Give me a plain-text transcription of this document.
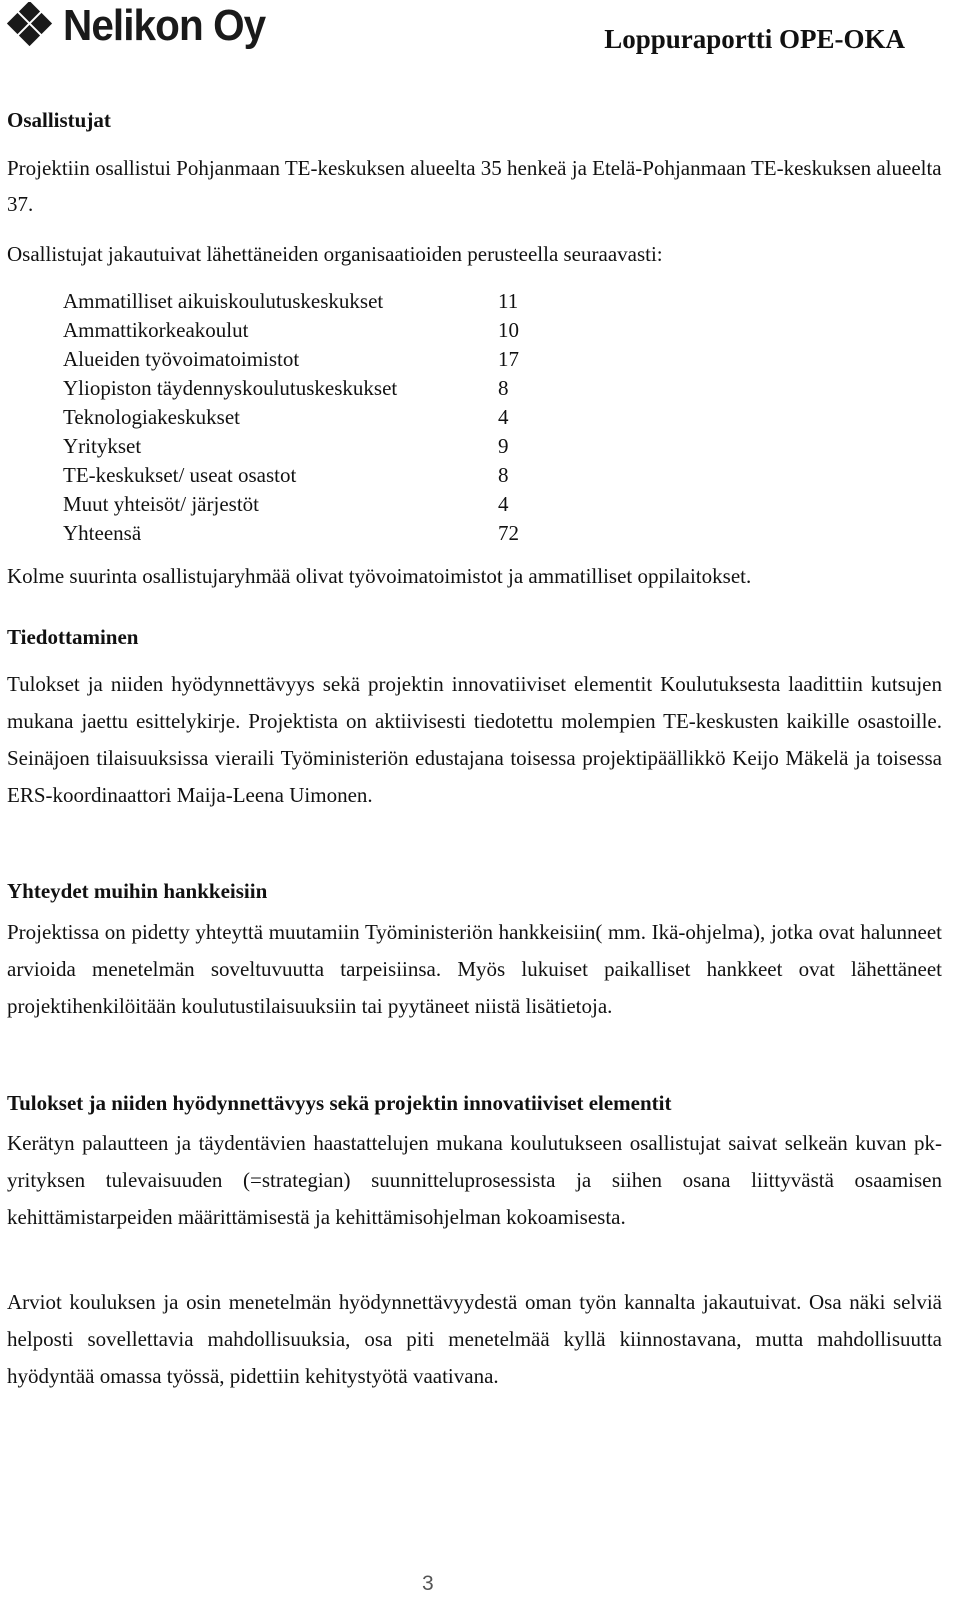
Nelikon Oy	Loppuraportti OPE-OKA
Osallistujat

Projektiin osallistui Pohjanmaan TE-keskuksen alueelta 35 henkeä ja Etelä-Pohjanmaan TE-keskuksen alueelta 37.

Osallistujat jakautuivat lähettäneiden organisaatioiden perusteella seuraavasti:

Ammatilliset aikuiskoulutuskeskukset	11
Ammattikorkeakoulut	10
Alueiden työvoimatoimistot	17
Yliopiston täydennyskoulutuskeskukset	8
Teknologiakeskukset	4
Yritykset	9
TE-keskukset/ useat osastot	8
Muut yhteisöt/ järjestöt	4
Yhteensä	72

Kolme suurinta osallistujaryhmää olivat työvoimatoimistot ja ammatilliset oppilaitokset.

Tiedottaminen

Tulokset ja niiden hyödynnettävyys sekä projektin innovatiiviset elementit Koulutuksesta laadittiin kutsujen mukana jaettu esittelykirje. Projektista on aktiivisesti tiedotettu molempien TE-keskusten kaikille osastoille. Seinäjoen tilaisuuksissa vieraili Työministeriön edustajana toisessa projektipäällikkö Keijo Mäkelä ja toisessa ERS-koordinaattori Maija-Leena Uimonen.

Yhteydet muihin hankkeisiin

Projektissa on pidetty yhteyttä muutamiin Työministeriön hankkeisiin( mm. Ikä-ohjelma), jotka ovat halunneet arvioida menetelmän soveltuvuutta tarpeisiinsa. Myös lukuiset paikalliset hankkeet ovat lähettäneet projektihenkilöitään koulutustilaisuuksiin tai pyytäneet niistä lisätietoja.

Tulokset ja niiden hyödynnettävyys sekä projektin innovatiiviset elementit

Kerätyn palautteen ja täydentävien haastattelujen mukana koulutukseen osallistujat saivat selkeän kuvan pk-yrityksen tulevaisuuden (=strategian) suunnitteluprosessista ja siihen osana liittyvästä osaamisen kehittämistarpeiden määrittämisestä ja kehittämisohjelman kokoamisesta.

Arviot kouluksen ja osin menetelmän hyödynnettävyydestä oman työn kannalta jakautuivat. Osa näki selviä helposti sovellettavia mahdollisuuksia, osa piti menetelmää kyllä kiinnostavana, mutta mahdollisuutta hyödyntää omassa työssä, pidettiin kehitystyötä vaativana.

3
